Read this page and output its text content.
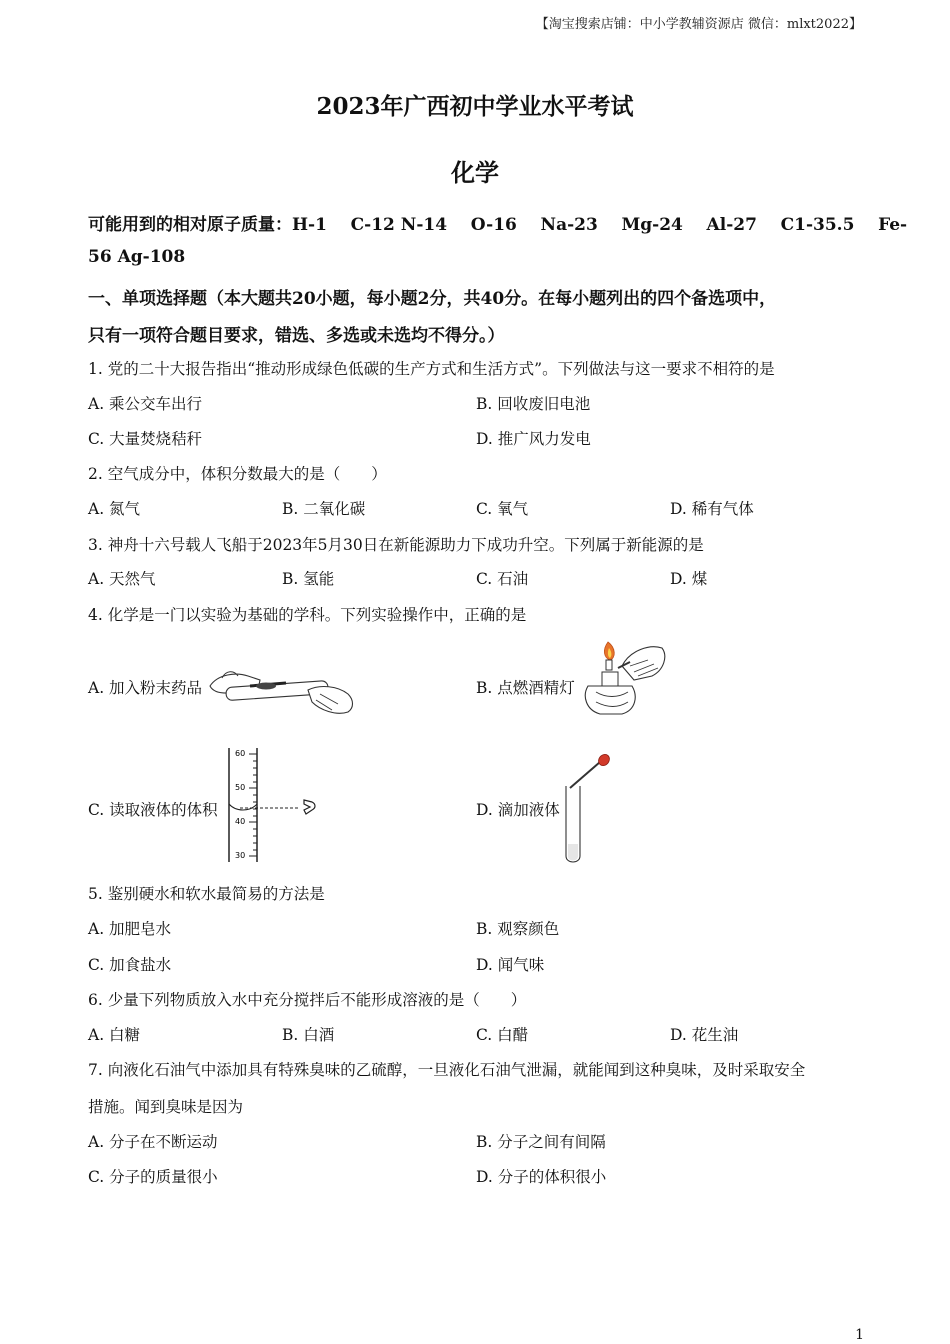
【淘宝搜索店铺：中小学教辅资源店 微信：mlxt2022】
2023年广西初中学业水平考试
化学
可能用到的相对原子质量：H-1    C-12 N-14    O-16    Na-23    Mg-24    Al-27    C1-35.5    Fe-
56 Ag-108
一、单项选择题（本大题共20小题，每小题2分，共40分。在每小题列出的四个备选项中，
只有一项符合题目要求，错选、多选或未选均不得分。）
1. 党的二十大报告指出“推动形成绿色低碳的生产方式和生活方式”。下列做法与这一要求不相符的是
A. 乘公交车出行	B. 回收废旧电池
C. 大量焚烧秸秆	D. 推广风力发电
2. 空气成分中，体积分数最大的是（　　）
A. 氮气	B. 二氧化碳	C. 氧气	D. 稀有气体
3. 神舟十六号载人飞船于2023年5月30日在新能源助力下成功升空。下列属于新能源的是
A. 天然气	B. 氢能	C. 石油	D. 煤
4. 化学是一门以实验为基础的学科。下列实验操作中，正确的是
A. 加入粉末药品	B. 点燃酒精灯
C. 读取液体的体积	D. 滴加液体
60
50
40
30
5. 鉴别硬水和软水最简易的方法是
A. 加肥皂水	B. 观察颜色
C. 加食盐水	D. 闻气味
6. 少量下列物质放入水中充分搅拌后不能形成溶液的是（　　）
A. 白糖	B. 白酒	C. 白醋	D. 花生油
7. 向液化石油气中添加具有特殊臭味的乙硫醇，一旦液化石油气泄漏，就能闻到这种臭味，及时采取安全
措施。闻到臭味是因为
A. 分子在不断运动	B. 分子之间有间隔
C. 分子的质量很小	D. 分子的体积很小
1
